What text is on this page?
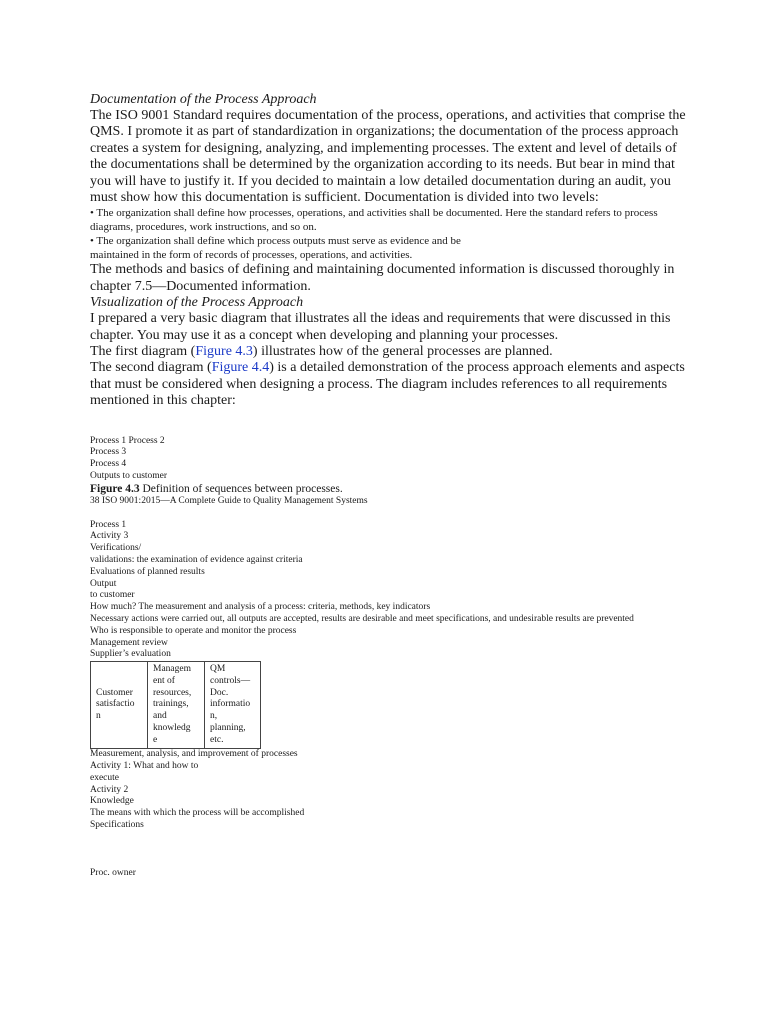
Documentation of the Process Approach

The ISO 9001 Standard requires documentation of the process, operations, and activities that comprise the QMS. I promote it as part of standardization in organizations; the documentation of the process approach creates a system for designing, analyzing, and implementing processes. The extent and level of details of the documentations shall be determined by the organization according to its needs. But bear in mind that you will have to justify it. If you decided to maintain a low detailed documentation during an audit, you must show how this documentation is sufficient. Documentation is divided into two levels:

• The organization shall define how processes, operations, and activities shall be documented. Here the standard refers to process diagrams, procedures, work instructions, and so on.

• The organization shall define which process outputs must serve as evidence and be

maintained in the form of records of processes, operations, and activities.

The methods and basics of defining and maintaining documented information is discussed thoroughly in chapter 7.5—Documented information.

Visualization of the Process Approach

I prepared a very basic diagram that illustrates all the ideas and requirements that were discussed in this chapter. You may use it as a concept when developing and planning your processes.

The first diagram (Figure 4.3) illustrates how of the general processes are planned.

The second diagram (Figure 4.4) is a detailed demonstration of the process approach elements and aspects that must be considered when designing a process. The diagram includes references to all requirements mentioned in this chapter:

Process 1 Process 2

Process 3

Process 4

Outputs to customer

Figure 4.3 Definition of sequences between processes.

38 ISO 9001:2015—A Complete Guide to Quality Management Systems

Process 1

Activity 3

Verifications/

validations: the examination of evidence against criteria

Evaluations of planned results

Output

to customer

How much? The measurement and analysis of a process: criteria, methods, key indicators

Necessary actions were carried out, all outputs are accepted, results are desirable and meet specifications, and undesirable results are prevented

Who is responsible to operate and monitor the process

Management review

Supplier’s evaluation

Customer
satisfactio
n	Managem
ent of
resources,
trainings,
and
knowledg
e	QM
controls—
Doc.
informatio
n,
planning,
etc.

Measurement, analysis, and improvement of processes

Activity 1: What and how to

execute

Activity 2

Knowledge

The means with which the process will be accomplished

Specifications

Proc. owner
